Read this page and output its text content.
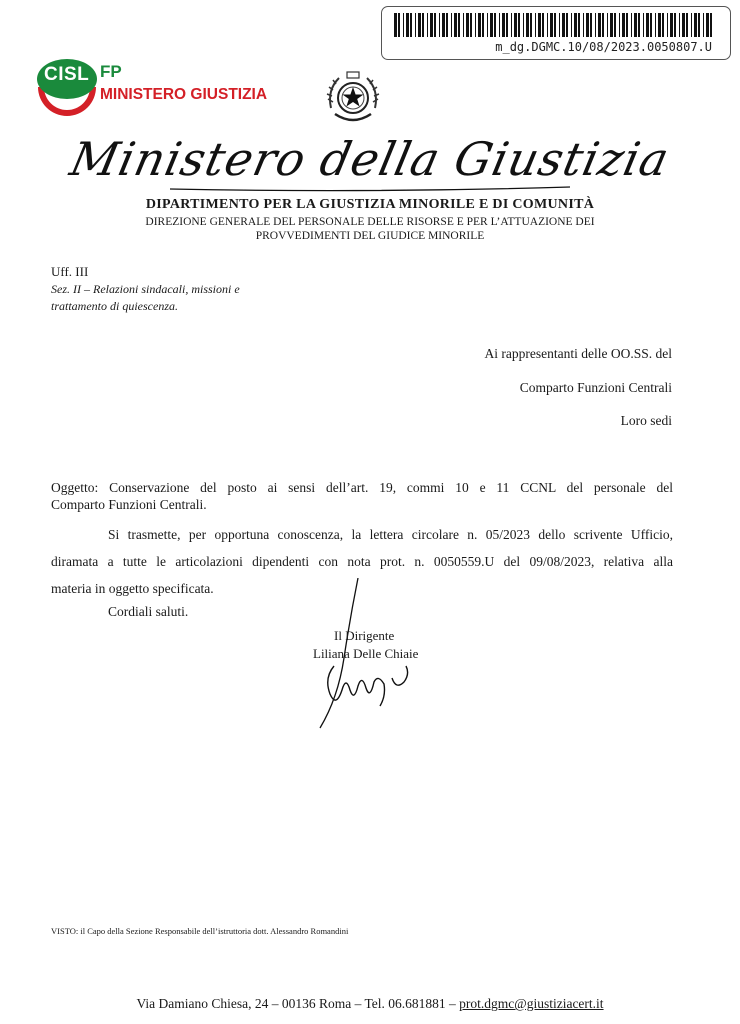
m_dg.DGMC.10/08/2023.0050807.U
CISL FP
MINISTERO GIUSTIZIA
Ministero della Giustizia
DIPARTIMENTO PER LA GIUSTIZIA MINORILE E DI COMUNITÀ
DIREZIONE GENERALE DEL PERSONALE DELLE RISORSE E PER L’ATTUAZIONE DEI
PROVVEDIMENTI DEL GIUDICE MINORILE
Uff. III
Sez. II – Relazioni sindacali, missioni e
trattamento di quiescenza.
Ai rappresentanti delle OO.SS. del
Comparto Funzioni Centrali
Loro sedi
Oggetto: Conservazione del posto ai sensi dell’art. 19, commi 10 e 11 CCNL del personale del
Comparto Funzioni Centrali.
Si trasmette, per opportuna conoscenza, la lettera circolare n. 05/2023 dello scrivente Ufficio,
diramata a tutte le articolazioni dipendenti con nota prot. n. 0050559.U del 09/08/2023, relativa alla
materia in oggetto specificata.
Cordiali saluti.
Il Dirigente
Liliana Delle Chiaie
VISTO: il Capo della Sezione Responsabile dell’istruttoria dott. Alessandro Romandini
Via Damiano Chiesa, 24 – 00136 Roma – Tel. 06.681881 – prot.dgmc@giustiziacert.it
